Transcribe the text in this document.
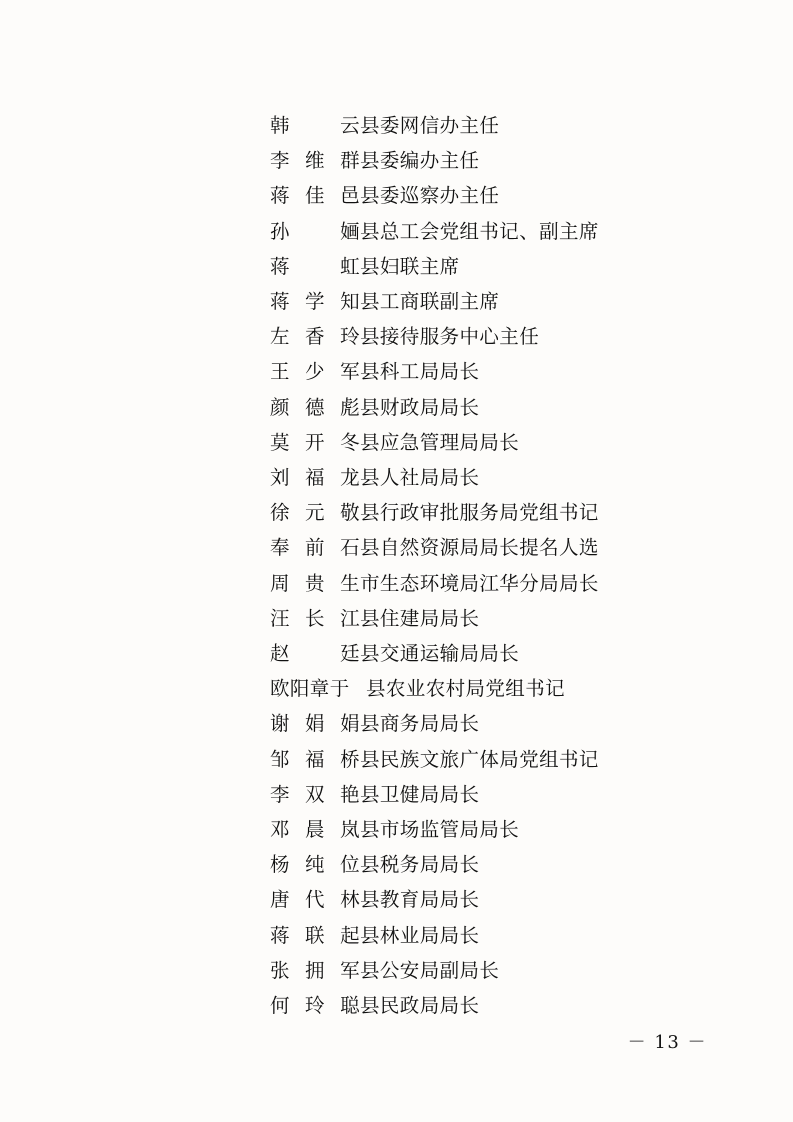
韩 云 县委网信办主任
李维群 县委编办主任
蒋佳邑 县委巡察办主任
孙 婳 县总工会党组书记、副主席
蒋 虹 县妇联主席
蒋学知 县工商联副主席
左香玲 县接待服务中心主任
王少军 县科工局局长
颜德彪 县财政局局长
莫开冬 县应急管理局局长
刘福龙 县人社局局长
徐元敬 县行政审批服务局党组书记
奉前石 县自然资源局局长提名人选
周贵生 市生态环境局江华分局局长
汪长江 县住建局局长
赵 廷 县交通运输局局长
欧阳章于 县农业农村局党组书记
谢娟娟 县商务局局长
邹福桥 县民族文旅广体局党组书记
李双艳 县卫健局局长
邓晨岚 县市场监管局局长
杨纯位 县税务局局长
唐代林 县教育局局长
蒋联起 县林业局局长
张拥军 县公安局副局长
何玲聪 县民政局局长
－ 13 －
